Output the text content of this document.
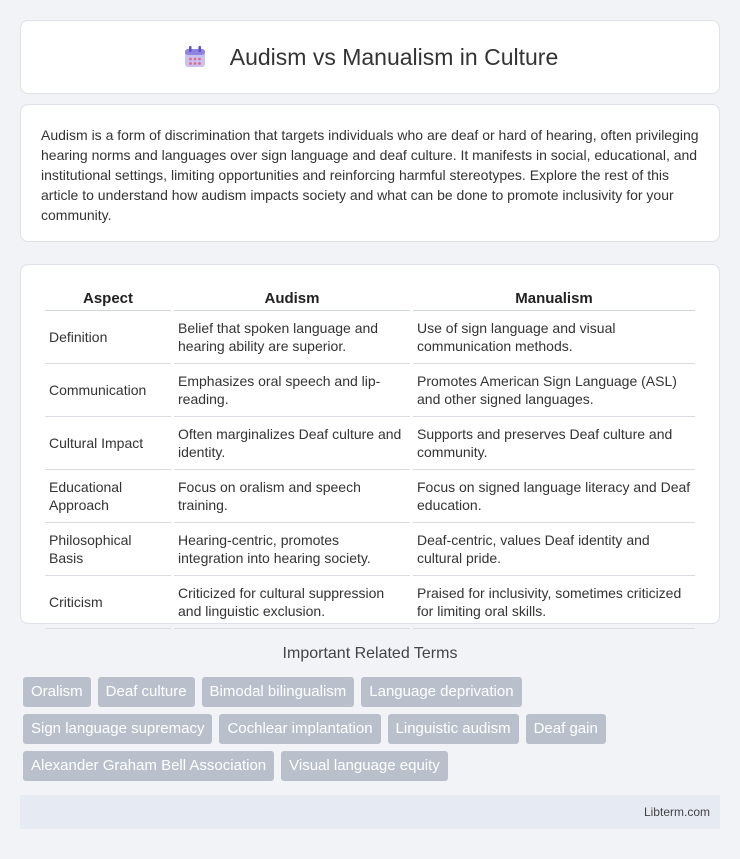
Audism vs Manualism in Culture

Audism is a form of discrimination that targets individuals who are deaf or hard of hearing, often privileging hearing norms and languages over sign language and deaf culture. It manifests in social, educational, and institutional settings, limiting opportunities and reinforcing harmful stereotypes. Explore the rest of this article to understand how audism impacts society and what can be done to promote inclusivity for your community.

Aspect	Audism	Manualism
Definition	Belief that spoken language and hearing ability are superior.	Use of sign language and visual communication methods.
Communication	Emphasizes oral speech and lip-reading.	Promotes American Sign Language (ASL) and other signed languages.
Cultural Impact	Often marginalizes Deaf culture and identity.	Supports and preserves Deaf culture and community.
Educational Approach	Focus on oralism and speech training.	Focus on signed language literacy and Deaf education.
Philosophical Basis	Hearing-centric, promotes integration into hearing society.	Deaf-centric, values Deaf identity and cultural pride.
Criticism	Criticized for cultural suppression and linguistic exclusion.	Praised for inclusivity, sometimes criticized for limiting oral skills.
Important Related Terms
Oralism	Deaf culture	Bimodal bilingualism	Language deprivation
Sign language supremacy	Cochlear implantation	Linguistic audism	Deaf gain
Alexander Graham Bell Association	Visual language equity
Libterm.com
